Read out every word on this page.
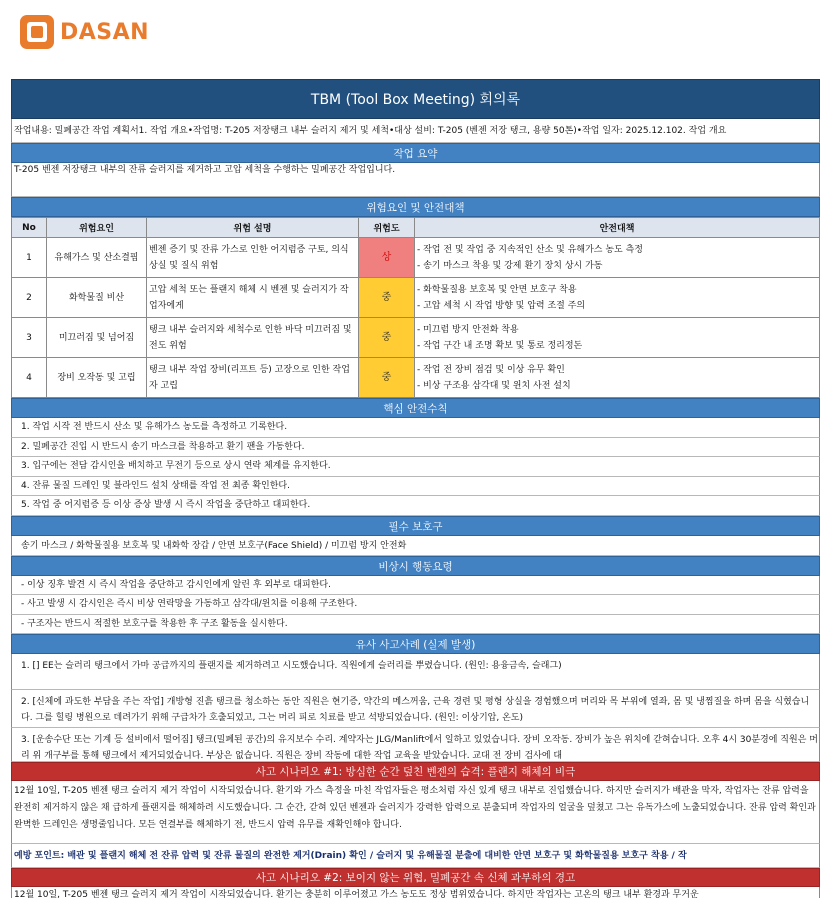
DASAN
TBM (Tool Box Meeting) 회의록
작업내용: 밀폐공간 작업 계획서1. 작업 개요•작업명: T-205 저장탱크 내부 슬러지 제거 및 세척•대상 설비: T-205 (벤젠 저장 탱크, 용량 50톤)•작업 일자: 2025.12.102. 작업 개요
작업 요약
T-205 벤젠 저장탱크 내부의 잔류 슬러지를 제거하고 고압 세척을 수행하는 밀폐공간 작업입니다.
위험요인 및 안전대책
No	위험요인	위험 설명	위험도	안전대책
1	유해가스 및 산소결핍	벤젠 증기 및 잔류 가스로 인한 어지럼증 구토, 의식 상실 및 질식 위험	상	- 작업 전 및 작업 중 지속적인 산소 및 유해가스 농도 측정
- 송기 마스크 착용 및 강제 환기 장치 상시 가동

2	화학물질 비산	고압 세척 또는 플랜지 해체 시 벤젠 및 슬러지가 작업자에게	중	- 화학물질용 보호복 및 안면 보호구 착용
- 고압 세척 시 작업 방향 및 압력 조절 주의

3	미끄러짐 및 넘어짐	탱크 내부 슬러지와 세척수로 인한 바닥 미끄러짐 및 전도 위험	중	- 미끄럼 방지 안전화 착용
- 작업 구간 내 조명 확보 및 통로 정리정돈

4	장비 오작동 및 고립	탱크 내부 작업 장비(리프트 등) 고장으로 인한 작업자 고립	중	- 작업 전 장비 점검 및 이상 유무 확인
- 비상 구조용 삼각대 및 윈치 사전 설치
핵심 안전수칙
1. 작업 시작 전 반드시 산소 및 유해가스 농도를 측정하고 기록한다.
2. 밀폐공간 진입 시 반드시 송기 마스크를 착용하고 환기 팬을 가동한다.
3. 입구에는 전담 감시인을 배치하고 무전기 등으로 상시 연락 체계를 유지한다.
4. 잔류 물질 드레인 및 블라인드 설치 상태를 작업 전 최종 확인한다.
5. 작업 중 어지럼증 등 이상 증상 발생 시 즉시 작업을 중단하고 대피한다.
필수 보호구
송기 마스크 / 화학물질용 보호복 및 내화학 장갑 / 안면 보호구(Face Shield) / 미끄럼 방지 안전화
비상시 행동요령
- 이상 징후 발견 시 즉시 작업을 중단하고 감시인에게 알린 후 외부로 대피한다.
- 사고 발생 시 감시인은 즉시 비상 연락망을 가동하고 삼각대/윈치를 이용해 구조한다.
- 구조자는 반드시 적절한 보호구를 착용한 후 구조 활동을 실시한다.
유사 사고사례 (실제 발생)
1. [] EE는 슬러리 탱크에서 가마 공급까지의 플랜지를 제거하려고 시도했습니다. 직원에게 슬러리를 뿌렸습니다. (원인: 용융금속, 슬래그)
2. [신체에 과도한 부담을 주는 작업] 개방형 진흙 탱크를 청소하는 동안 직원은 현기증, 약간의 메스꺼움, 근육 경련 및 평형 상실을 경험했으며 머리와 목 부위에 열좌, 몸 및 냉찜질을 하며 몸을 식혔습니다. 그를 힐링 병원으로 데려가기 위해 구급차가 호출되었고, 그는 머리 피로 치료를 받고 석방되었습니다. (원인: 이상기압, 온도)
3. [운송수단 또는 기계 등 설비에서 떨어짐] 탱크(밀폐된 공간)의 유지보수 수리. 계약자는 JLG/Manlift에서 일하고 있었습니다. 장비 오작동. 장비가 높은 위치에 갇혀습니다. 오후 4시 30분경에 직원은 머리 위 개구부를 통해 탱크에서 제거되었습니다. 부상은 없습니다. 직원은 장비 작동에 대한 작업 교육을 받았습니다. 교대 전 장비 검사에 대
사고 시나리오 #1: 방심한 순간 덮친 벤젠의 습격: 플랜지 해체의 비극
12월 10일, T-205 벤젠 탱크 슬러지 제거 작업이 시작되었습니다. 환기와 가스 측정을 마친 작업자들은 평소처럼 자신 있게 탱크 내부로 진입했습니다. 하지만 슬러지가 배관을 막자, 작업자는 잔류 압력을 완전히 제거하지 않은 채 급하게 플랜지를 해체하려 시도했습니다. 그 순간, 갇혀 있던 벤젠과 슬러지가 강력한 압력으로 분출되며 작업자의 얼굴을 덮쳤고 그는 유독가스에 노출되었습니다. 잔류 압력 확인과 완벽한 드레인은 생명줄입니다. 모든 연결부를 해체하기 전, 반드시 압력 유무를 재확인해야 합니다.
예방 포인트: 배관 및 플랜지 해체 전 잔류 압력 및 잔류 물질의 완전한 제거(Drain) 확인 / 슬러지 및 유해물질 분출에 대비한 안면 보호구 및 화학물질용 보호구 착용 / 작
사고 시나리오 #2: 보이지 않는 위협, 밀폐공간 속 신체 과부하의 경고
12월 10일, T-205 벤젠 탱크 슬러지 제거 작업이 시작되었습니다. 환기는 충분히 이루어졌고 가스 농도도 정상 범위였습니다. 하지만 작업자는 고온의 탱크 내부 환경과 무거운
